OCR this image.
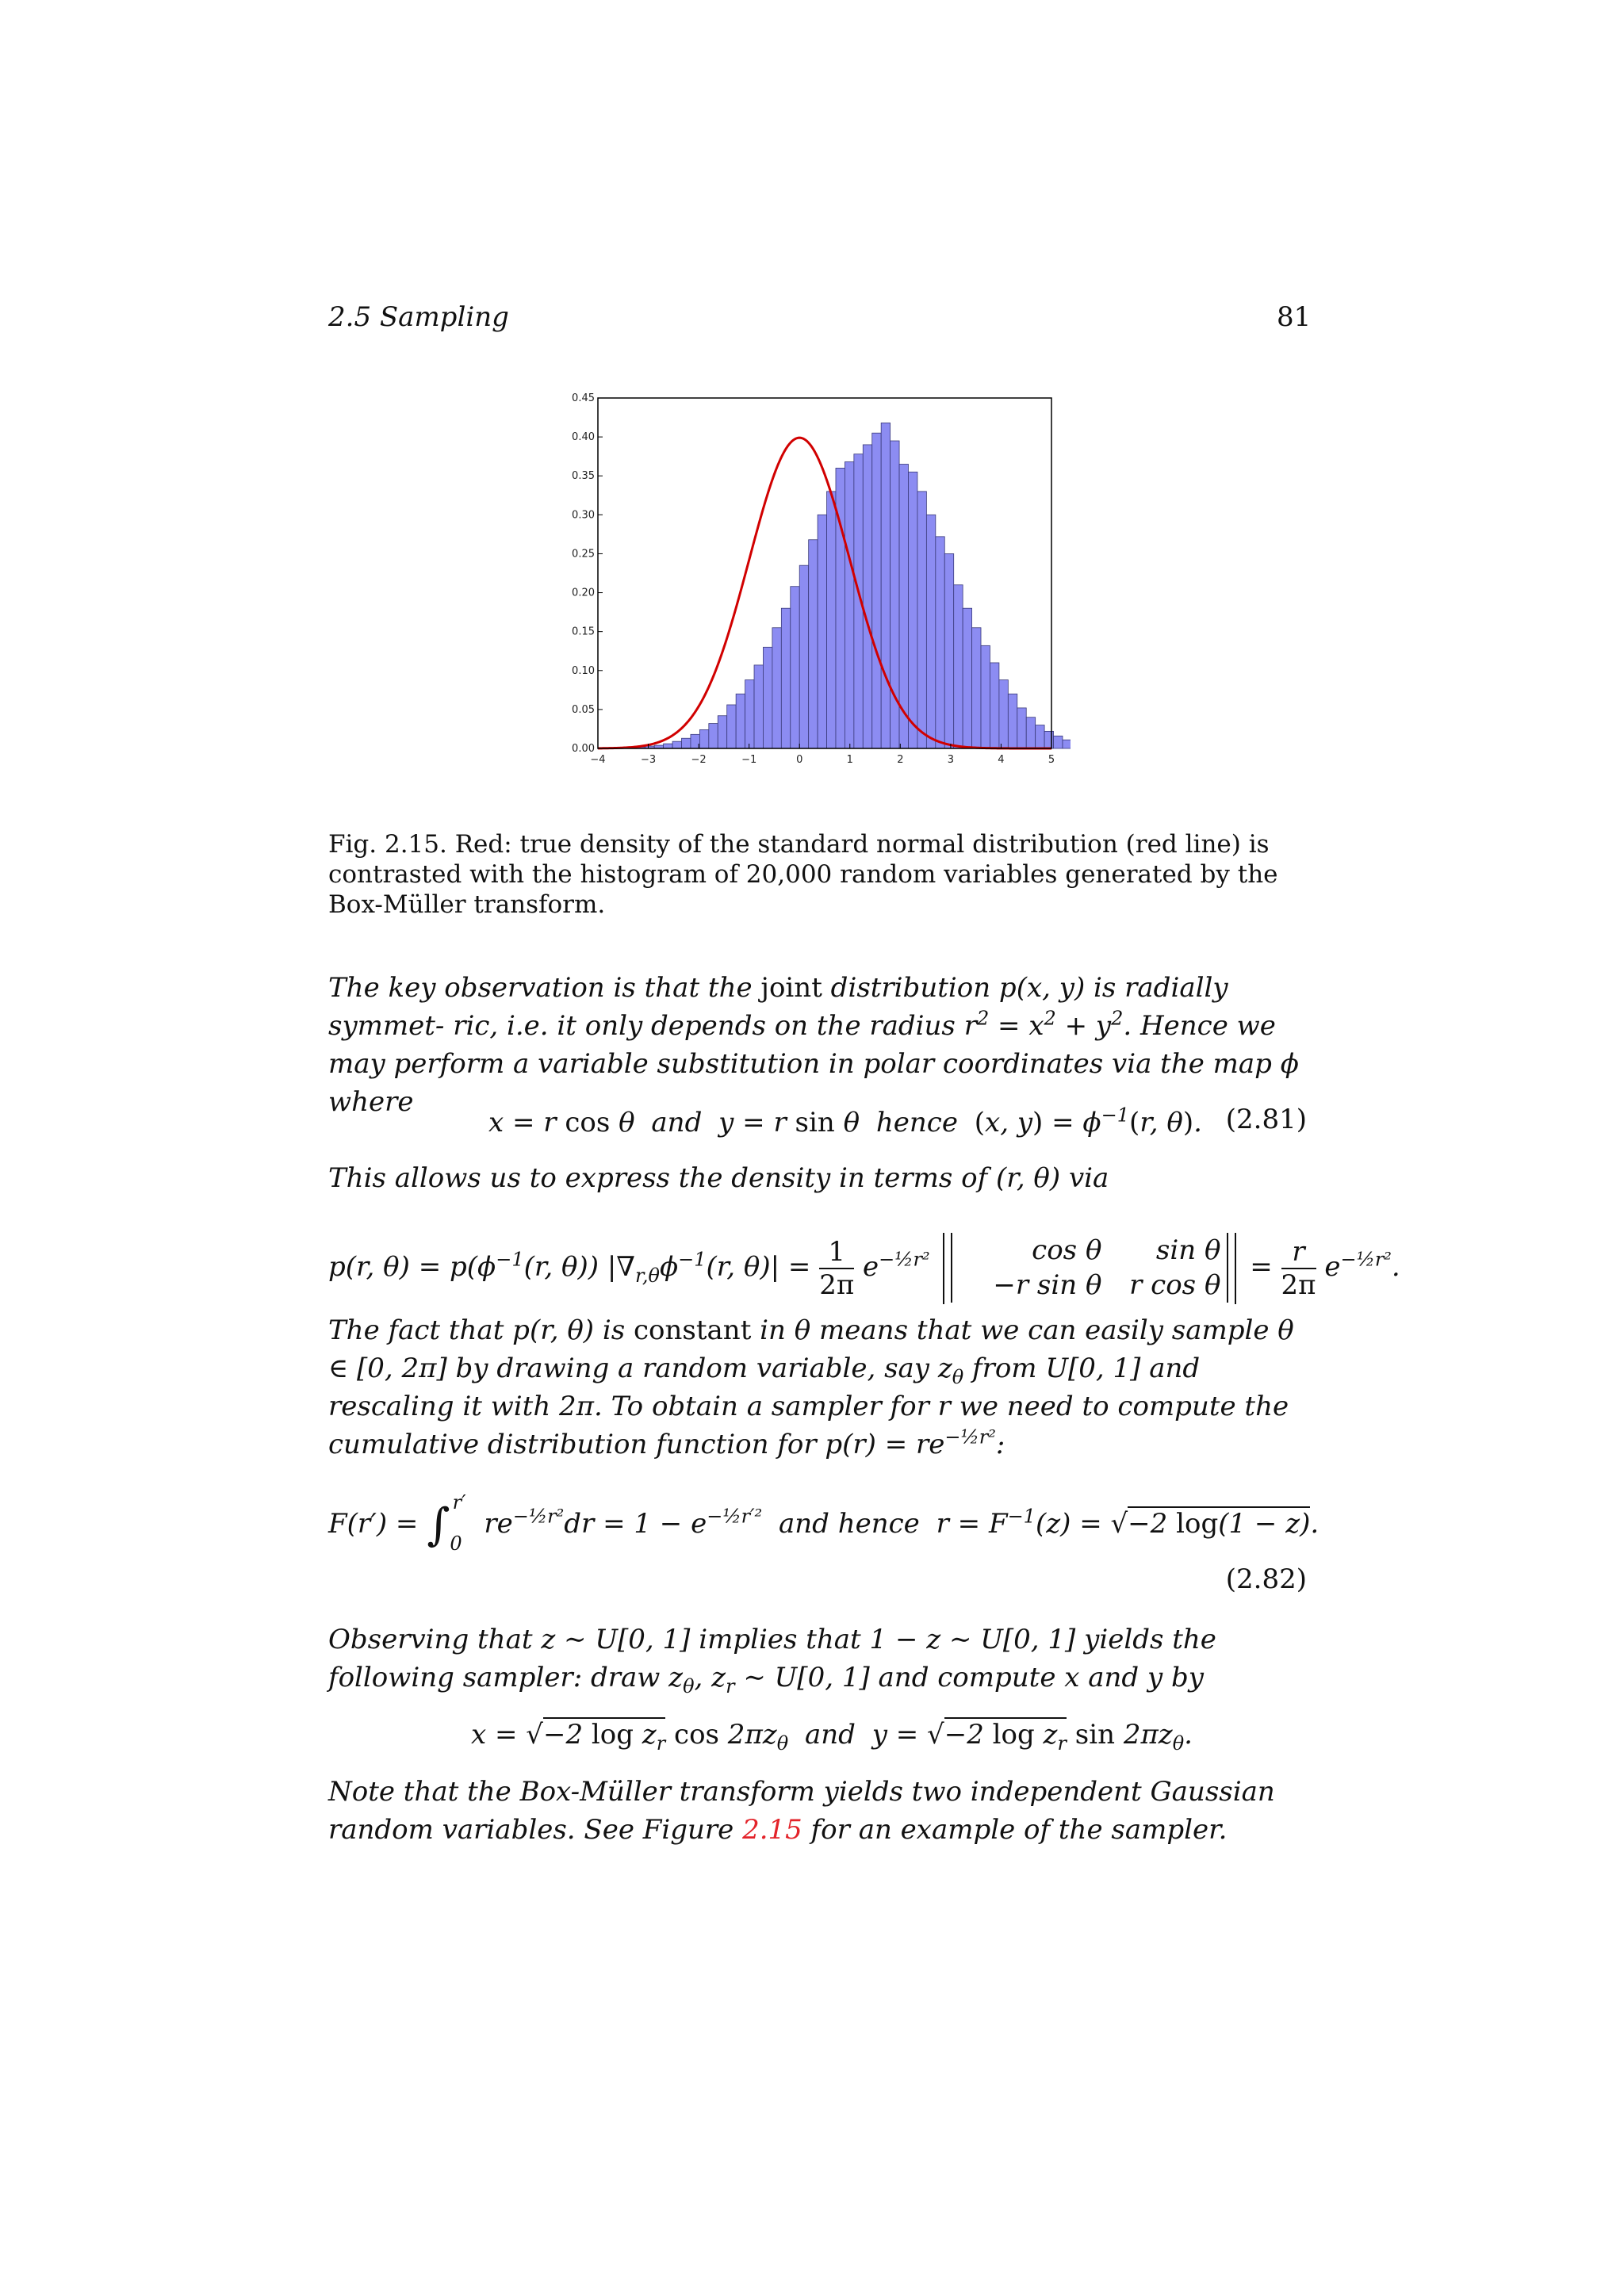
2.5 Sampling	81
−4	−3	−2	−1	0	1	2	3	4	5
0.00
0.05
0.10
0.15
0.20
0.25
0.30
0.35
0.40
0.45
Fig. 2.15. Red: true density of the standard normal distribution (red line) is contrasted with the histogram of 20,000 random variables generated by the Box-Müller transform.
The key observation is that the joint distribution p(x, y) is radially symmet- ric, i.e. it only depends on the radius $r^2 = x^2 + y^2$. Hence we may perform a variable substitution in polar coordinates via the map ϕ where
x = r cos θ and y = r sin θ hence (x, $y) = \phi^{-1}(r$, θ). (2.81)
This allows us to express the density in terms of (r, θ) via
p(r, $\theta) = p(\phi^{-1}(r$, θ)) $|\nabla_{r,\theta}\phi^{-1}(r$, $\theta)| = \frac{1}{2\pi} e^{-\frac{1}{2}r^2}$	cos θ sin θ
−r sin θ r cos θ
= $\frac{r}{2\pi} e^{-\frac{1}{2}r^2}$.
The fact that p(r, θ) is constant in θ means that we can easily sample θ ∈ [0, 2π] by drawing a random variable, say $z_\theta$ from U[0, 1] and rescaling it with 2π. To obtain a sampler for r we need to compute the cumulative distribution function for $p(r) = re^{-\frac{1}{2}r^2}$:
$F(r') = \int_0^{r'}$ $re^{-\frac{1}{2}r^2}dr = 1 - e^{-\frac{1}{2}r'^2}$ and hence $r = F^{-1}(z) = √-2$ log(1 − z).
(2.82)
Observing that z ∼ U[0, 1] implies that 1 − z ∼ U[0, 1] yields the following sampler: draw $z_\theta$, $z_r$ ∼ U[0, 1] and compute x and y by
x = √−2 $\log z_r$ $\cos 2\pi z_\theta$ and y = √−2 $\log z_r$ $\sin 2\pi z_\theta$.
Note that the Box-Müller transform yields two independent Gaussian random variables. See Figure 2.15 for an example of the sampler.
